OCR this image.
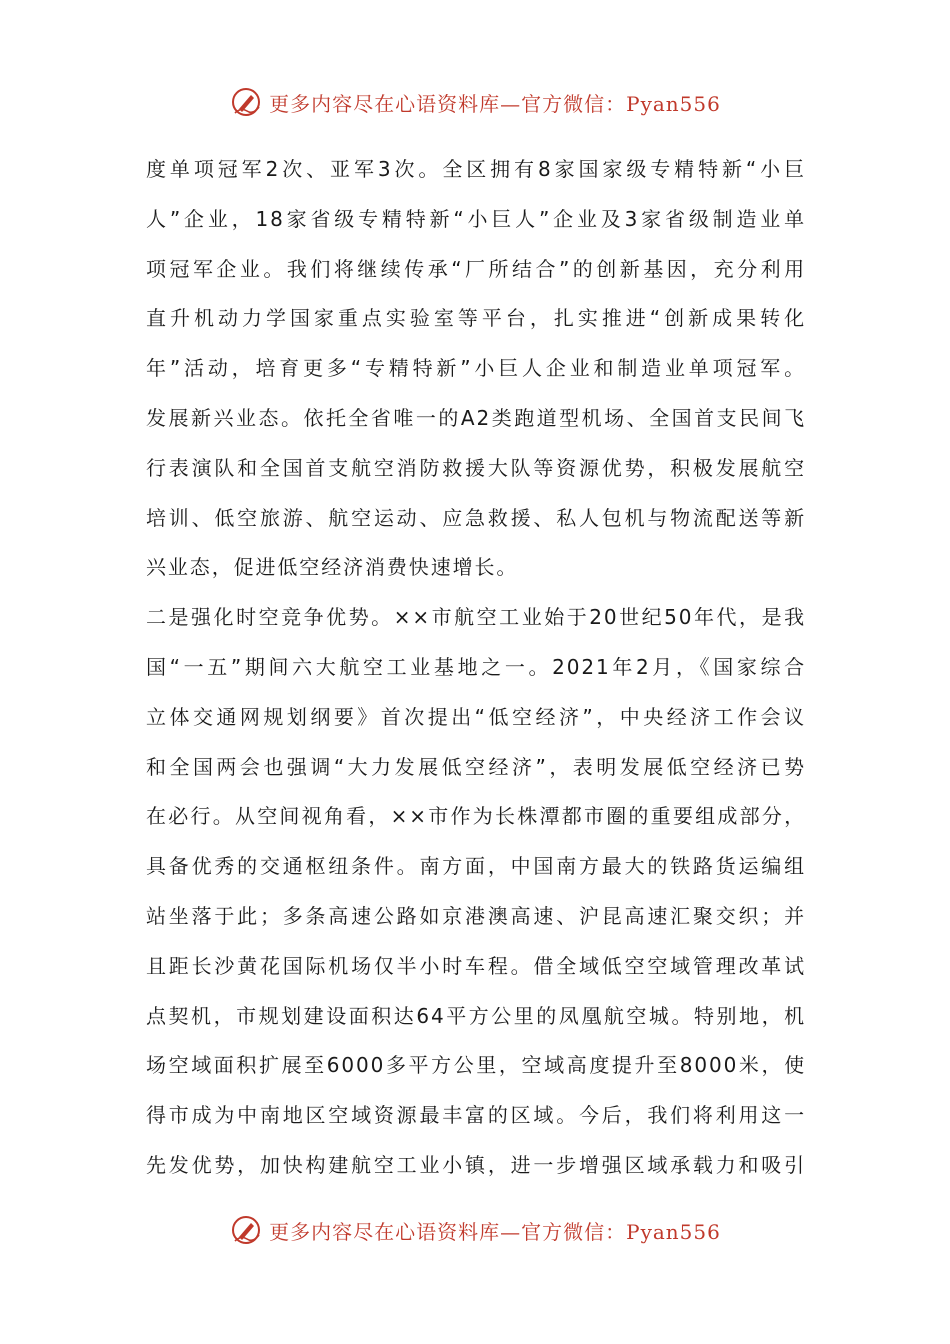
更多内容尽在心语资料库—官方微信：Pyan556
度单项冠军2次、亚军3次。全区拥有8家国家级专精特新“小巨
人”企业，18家省级专精特新“小巨人”企业及3家省级制造业单
项冠军企业。我们将继续传承“厂所结合”的创新基因，充分利用
直升机动力学国家重点实验室等平台，扎实推进“创新成果转化
年”活动，培育更多“专精特新”小巨人企业和制造业单项冠军。
发展新兴业态。依托全省唯一的A2类跑道型机场、全国首支民间飞
行表演队和全国首支航空消防救援大队等资源优势，积极发展航空
培训、低空旅游、航空运动、应急救援、私人包机与物流配送等新
兴业态，促进低空经济消费快速增长。
二是强化时空竞争优势。××市航空工业始于20世纪50年代，是我
国“一五”期间六大航空工业基地之一。2021年2月，《国家综合
立体交通网规划纲要》首次提出“低空经济”，中央经济工作会议
和全国两会也强调“大力发展低空经济”，表明发展低空经济已势
在必行。从空间视角看，××市作为长株潭都市圈的重要组成部分，
具备优秀的交通枢纽条件。南方面，中国南方最大的铁路货运编组
站坐落于此；多条高速公路如京港澳高速、沪昆高速汇聚交织；并
且距长沙黄花国际机场仅半小时车程。借全域低空空域管理改革试
点契机，市规划建设面积达64平方公里的凤凰航空城。特别地，机
场空域面积扩展至6000多平方公里，空域高度提升至8000米，使
得市成为中南地区空域资源最丰富的区域。今后，我们将利用这一
先发优势，加快构建航空工业小镇，进一步增强区域承载力和吸引
更多内容尽在心语资料库—官方微信：Pyan556
